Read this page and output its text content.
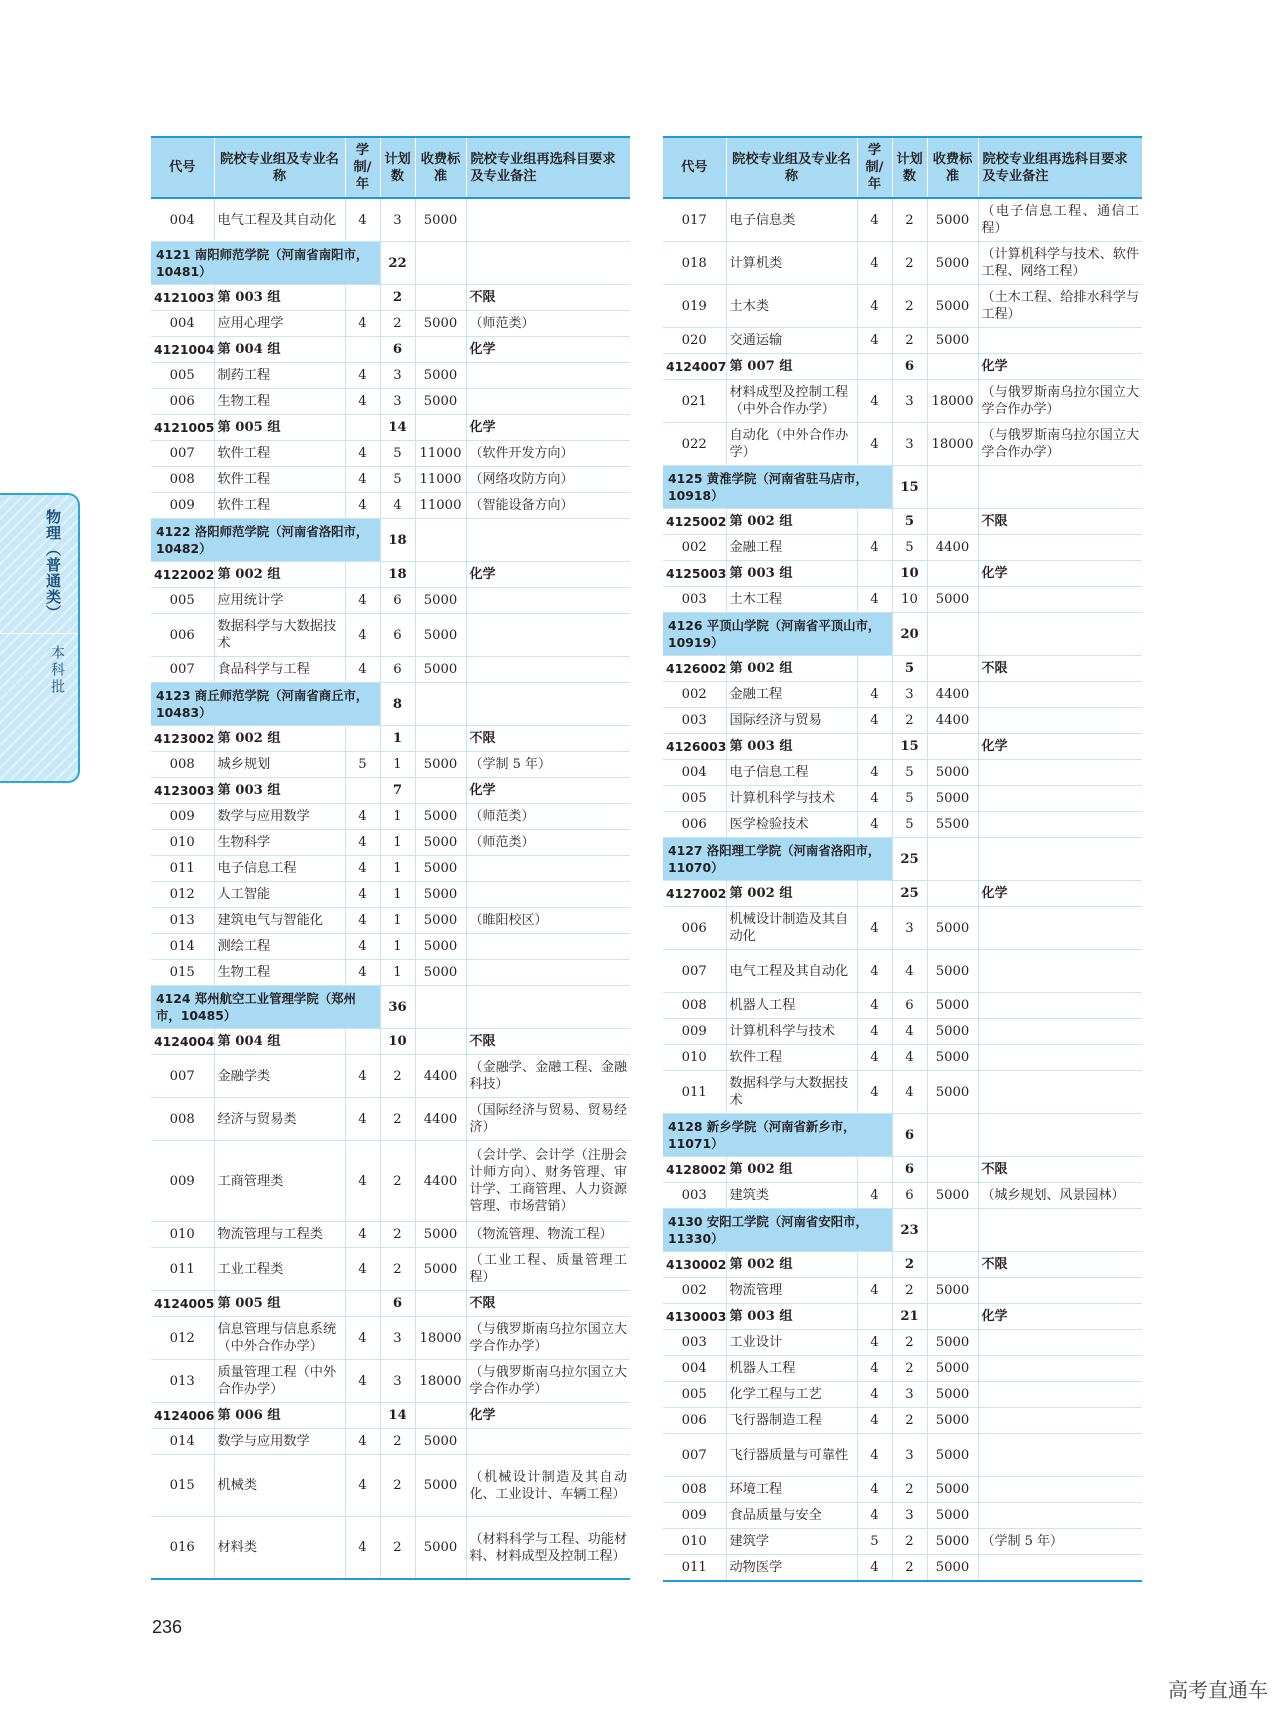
代号	院校专业组及专业名称	学制/年	计划数	收费标准	院校专业组再选科目要求及专业备注
004	电气工程及其自动化	4	3	5000	
4121 南阳师范学院（河南省南阳市，10481）			22		
4121003	第 003 组		2		不限
004	应用心理学	4	2	5000	（师范类）
4121004	第 004 组		6		化学
005	制药工程	4	3	5000	
006	生物工程	4	3	5000	
4121005	第 005 组		14		化学
007	软件工程	4	5	11000	（软件开发方向）
008	软件工程	4	5	11000	（网络攻防方向）
009	软件工程	4	4	11000	（智能设备方向）
4122 洛阳师范学院（河南省洛阳市，10482）			18		
4122002	第 002 组		18		化学
005	应用统计学	4	6	5000	
006	数据科学与大数据技术	4	6	5000	
007	食品科学与工程	4	6	5000	
4123 商丘师范学院（河南省商丘市，10483）			8		
4123002	第 002 组		1		不限
008	城乡规划	5	1	5000	（学制 5 年）
4123003	第 003 组		7		化学
009	数学与应用数学	4	1	5000	（师范类）
010	生物科学	4	1	5000	（师范类）
011	电子信息工程	4	1	5000	
012	人工智能	4	1	5000	
013	建筑电气与智能化	4	1	5000	（睢阳校区）
014	测绘工程	4	1	5000	
015	生物工程	4	1	5000	
4124 郑州航空工业管理学院（郑州市，10485）			36		
4124004	第 004 组		10		不限
007	金融学类	4	2	4400	（金融学、金融工程、金融科技）
008	经济与贸易类	4	2	4400	（国际经济与贸易、贸易经济）
009	工商管理类	4	2	4400	（会计学、会计学（注册会计师方向）、财务管理、审计学、工商管理、人力资源管理、市场营销）
010	物流管理与工程类	4	2	5000	（物流管理、物流工程）
011	工业工程类	4	2	5000	（工业工程、质量管理工程）
4124005	第 005 组		6		不限
012	信息管理与信息系统（中外合作办学）	4	3	18000	（与俄罗斯南乌拉尔国立大学合作办学）
013	质量管理工程（中外合作办学）	4	3	18000	（与俄罗斯南乌拉尔国立大学合作办学）
4124006	第 006 组		14		化学
014	数学与应用数学	4	2	5000	
015	机械类	4	2	5000	（机械设计制造及其自动化、工业设计、车辆工程）
016	材料类	4	2	5000	（材料科学与工程、功能材料、材料成型及控制工程）
代号	院校专业组及专业名称	学制/年	计划数	收费标准	院校专业组再选科目要求及专业备注
017	电子信息类	4	2	5000	（电子信息工程、通信工程）
018	计算机类	4	2	5000	（计算机科学与技术、软件工程、网络工程）
019	土木类	4	2	5000	（土木工程、给排水科学与工程）
020	交通运输	4	2	5000	
4124007	第 007 组		6		化学
021	材料成型及控制工程（中外合作办学）	4	3	18000	（与俄罗斯南乌拉尔国立大学合作办学）
022	自动化（中外合作办学）	4	3	18000	（与俄罗斯南乌拉尔国立大学合作办学）
4125 黄淮学院（河南省驻马店市，10918）			15		
4125002	第 002 组		5		不限
002	金融工程	4	5	4400	
4125003	第 003 组		10		化学
003	土木工程	4	10	5000	
4126 平顶山学院（河南省平顶山市，10919）			20		
4126002	第 002 组		5		不限
002	金融工程	4	3	4400	
003	国际经济与贸易	4	2	4400	
4126003	第 003 组		15		化学
004	电子信息工程	4	5	5000	
005	计算机科学与技术	4	5	5000	
006	医学检验技术	4	5	5500	
4127 洛阳理工学院（河南省洛阳市，11070）			25		
4127002	第 002 组		25		化学
006	机械设计制造及其自动化	4	3	5000	
007	电气工程及其自动化	4	4	5000	
008	机器人工程	4	6	5000	
009	计算机科学与技术	4	4	5000	
010	软件工程	4	4	5000	
011	数据科学与大数据技术	4	4	5000	
4128 新乡学院（河南省新乡市，11071）			6		
4128002	第 002 组		6		不限
003	建筑类	4	6	5000	（城乡规划、风景园林）
4130 安阳工学院（河南省安阳市，11330）			23		
4130002	第 002 组		2		不限
002	物流管理	4	2	5000	
4130003	第 003 组		21		化学
003	工业设计	4	2	5000	
004	机器人工程	4	2	5000	
005	化学工程与工艺	4	3	5000	
006	飞行器制造工程	4	2	5000	
007	飞行器质量与可靠性	4	3	5000	
008	环境工程	4	2	5000	
009	食品质量与安全	4	3	5000	
010	建筑学	5	2	5000	（学制 5 年）
011	动物医学	4	2	5000	
物理（普通类）
本科批
236
高考直通车
